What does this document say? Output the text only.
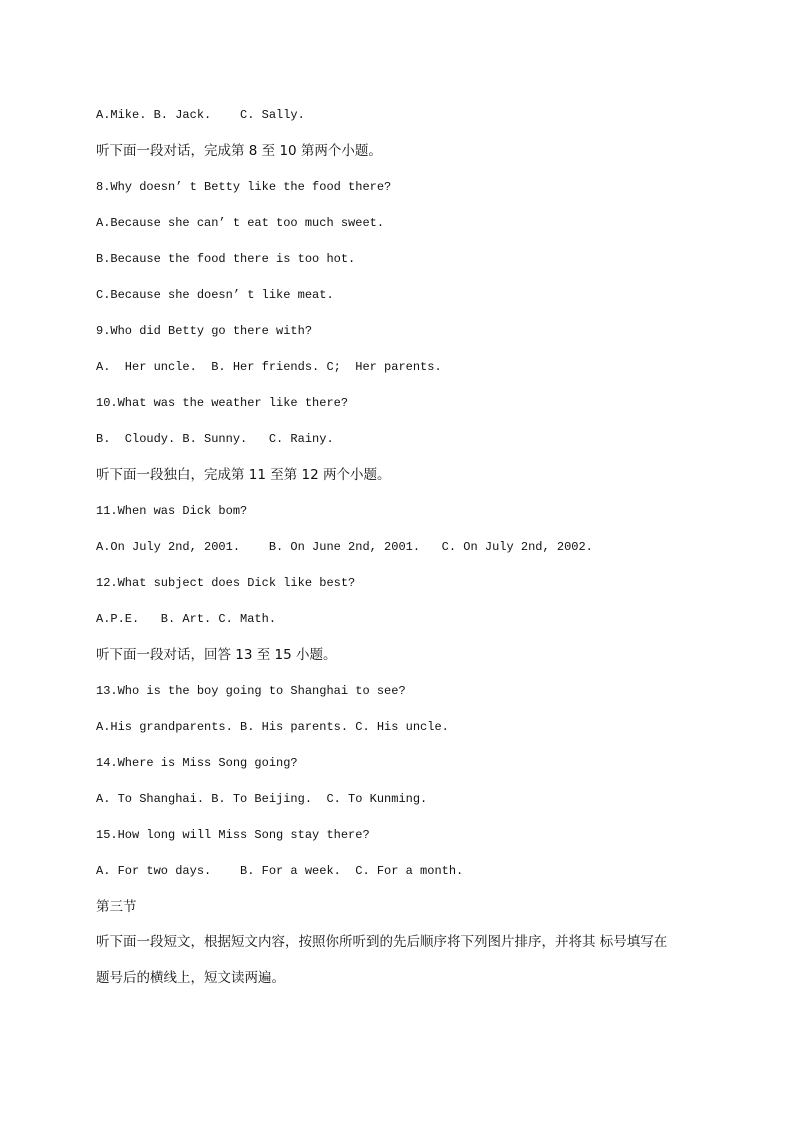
A.Mike. B. Jack.    C. Sally.
听下面一段对话，完成第 8 至 10 第两个小题。
8.Why doesn’ t Betty like the food there?
A.Because she can’ t eat too much sweet.
B.Because the food there is too hot.
C.Because she doesn’ t like meat.
9.Who did Betty go there with?
A.  Her uncle.  B. Her friends. C;  Her parents.
10.What was the weather like there?
B.  Cloudy. B. Sunny.   C. Rainy.
听下面一段独白，完成第 11 至第 12 两个小题。
11.When was Dick bom?
A.On July 2nd, 2001.    B. On June 2nd, 2001.   C. On July 2nd, 2002.
12.What subject does Dick like best?
A.P.E.   B. Art. C. Math.
听下面一段对话，回答 13 至 15 小题。
13.Who is the boy going to Shanghai to see?
A.His grandparents. B. His parents. C. His uncle.
14.Where is Miss Song going?
A. To Shanghai. B. To Beijing.  C. To Kunming.
15.How long will Miss Song stay there?
A. For two days.    B. For a week.  C. For a month.
第三节
听下面一段短文，根据短文内容，按照你所听到的先后顺序将下列图片排序，并将其 标号填写在
题号后的横线上，短文读两遍。
